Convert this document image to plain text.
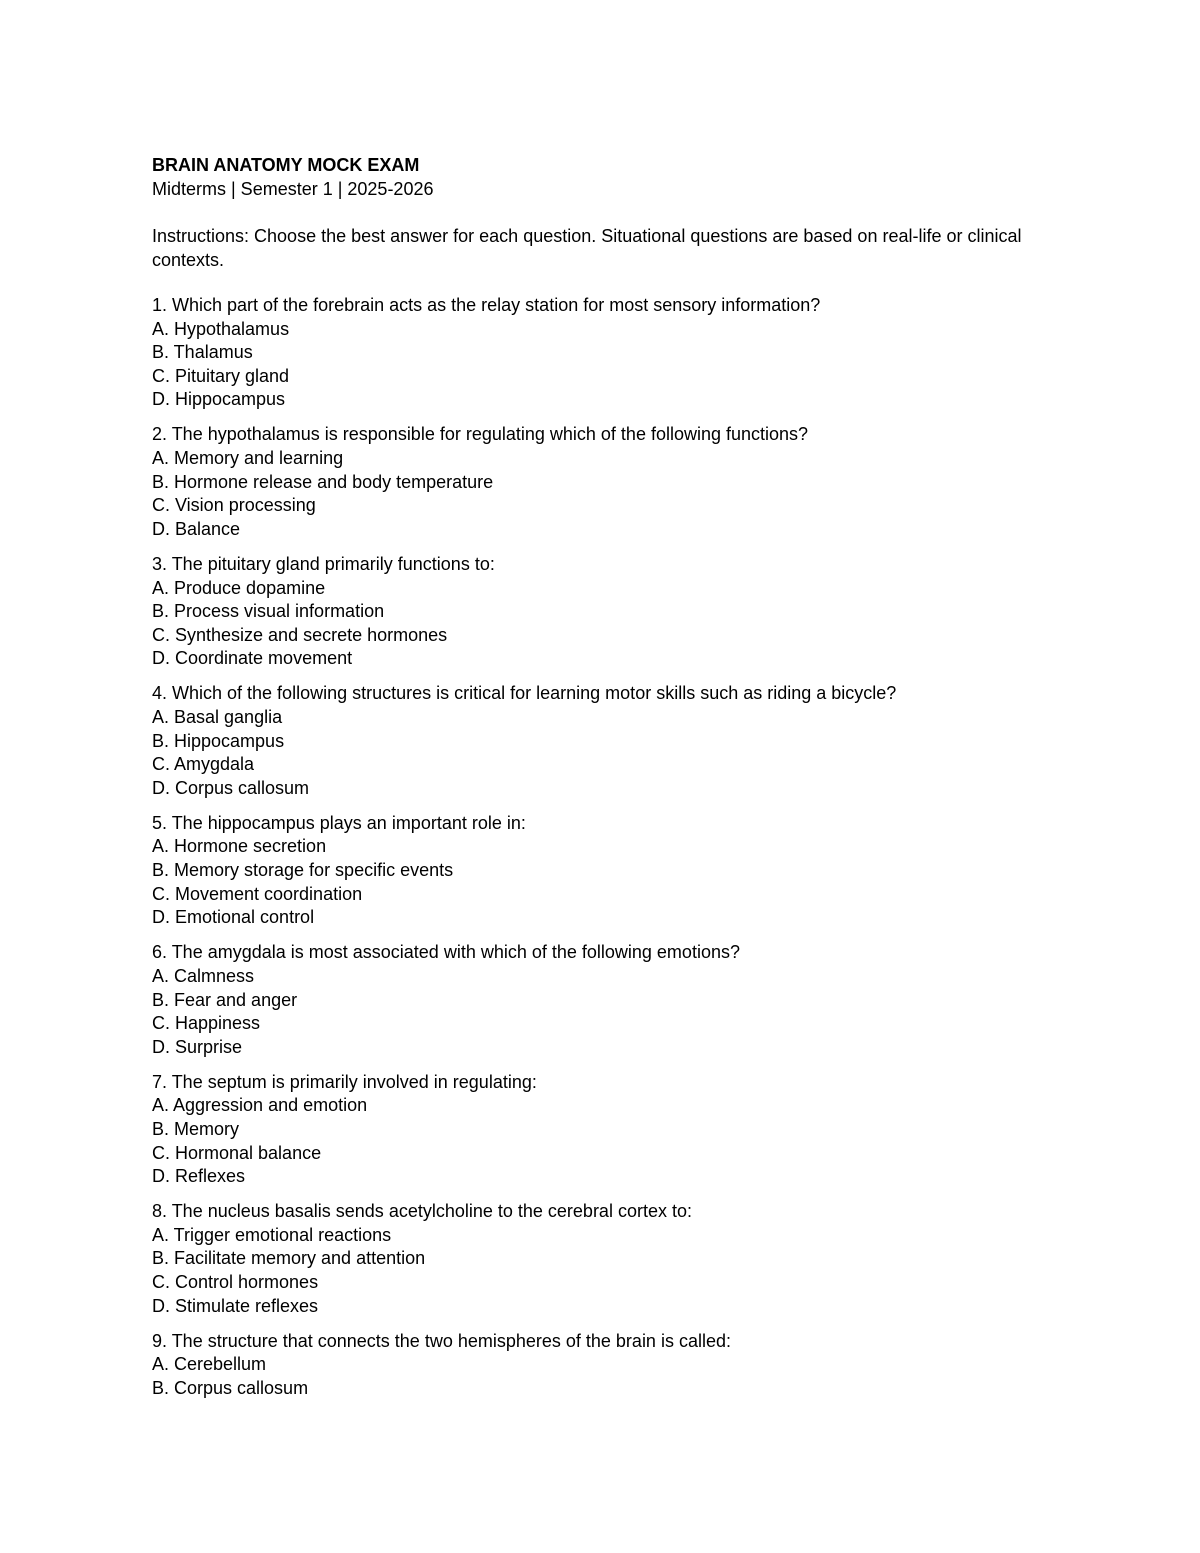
BRAIN ANATOMY MOCK EXAM

Midterms | Semester 1 | 2025-2026

Instructions: Choose the best answer for each question. Situational questions are based on real-life or clinical contexts.

1. Which part of the forebrain acts as the relay station for most sensory information?

A. Hypothalamus

B. Thalamus

C. Pituitary gland

D. Hippocampus

2. The hypothalamus is responsible for regulating which of the following functions?

A. Memory and learning

B. Hormone release and body temperature

C. Vision processing

D. Balance

3. The pituitary gland primarily functions to:

A. Produce dopamine

B. Process visual information

C. Synthesize and secrete hormones

D. Coordinate movement

4. Which of the following structures is critical for learning motor skills such as riding a bicycle?

A. Basal ganglia

B. Hippocampus

C. Amygdala

D. Corpus callosum

5. The hippocampus plays an important role in:

A. Hormone secretion

B. Memory storage for specific events

C. Movement coordination

D. Emotional control

6. The amygdala is most associated with which of the following emotions?

A. Calmness

B. Fear and anger

C. Happiness

D. Surprise

7. The septum is primarily involved in regulating:

A. Aggression and emotion

B. Memory

C. Hormonal balance

D. Reflexes

8. The nucleus basalis sends acetylcholine to the cerebral cortex to:

A. Trigger emotional reactions

B. Facilitate memory and attention

C. Control hormones

D. Stimulate reflexes

9. The structure that connects the two hemispheres of the brain is called:

A. Cerebellum

B. Corpus callosum
